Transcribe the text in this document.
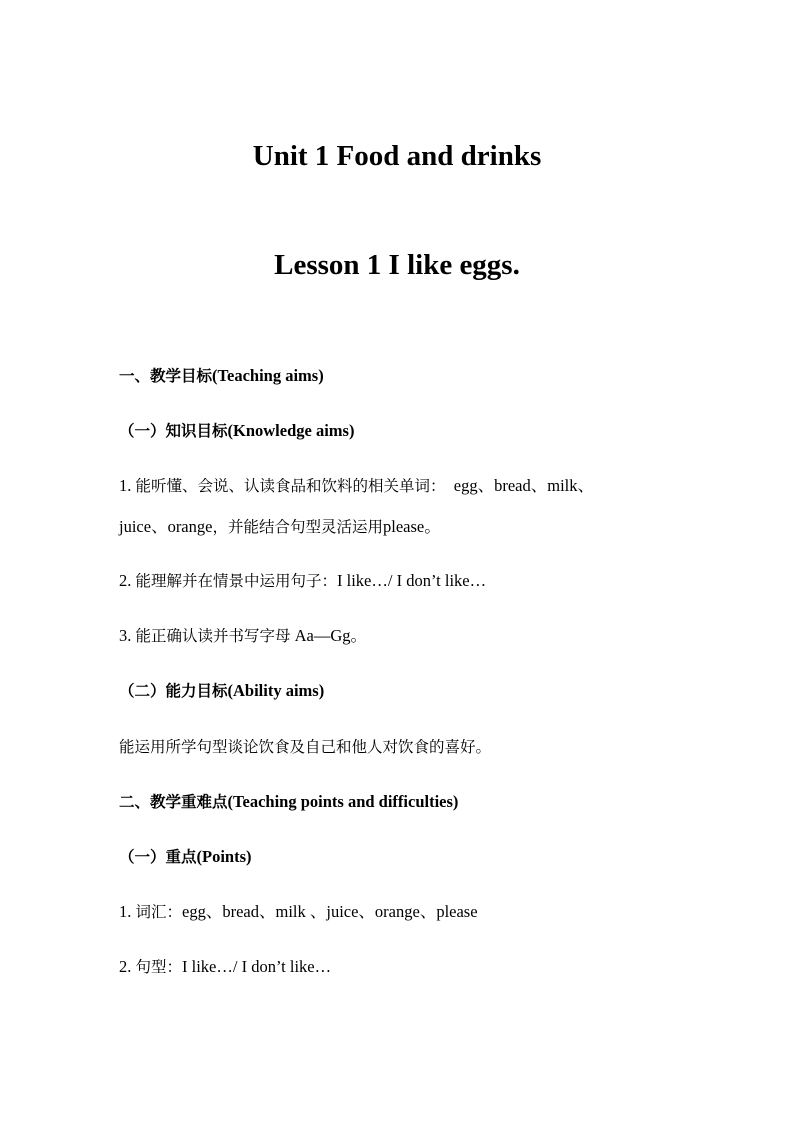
Unit 1 Food and drinks
Lesson 1 I like eggs.
一、教学目标(Teaching aims)
（一）知识目标(Knowledge aims)
1. 能听懂、会说、认读食品和饮料的相关单词：  egg、bread、milk、
juice、orange，并能结合句型灵活运用please。
2. 能理解并在情景中运用句子：I like…/ I don’t like…
3. 能正确认读并书写字母 Aa—Gg。
（二）能力目标(Ability aims)
能运用所学句型谈论饮食及自己和他人对饮食的喜好。
二、教学重难点(Teaching points and difficulties)
（一）重点(Points)
1. 词汇：egg、bread、milk 、juice、orange、please
2. 句型：I like…/ I don’t like…
